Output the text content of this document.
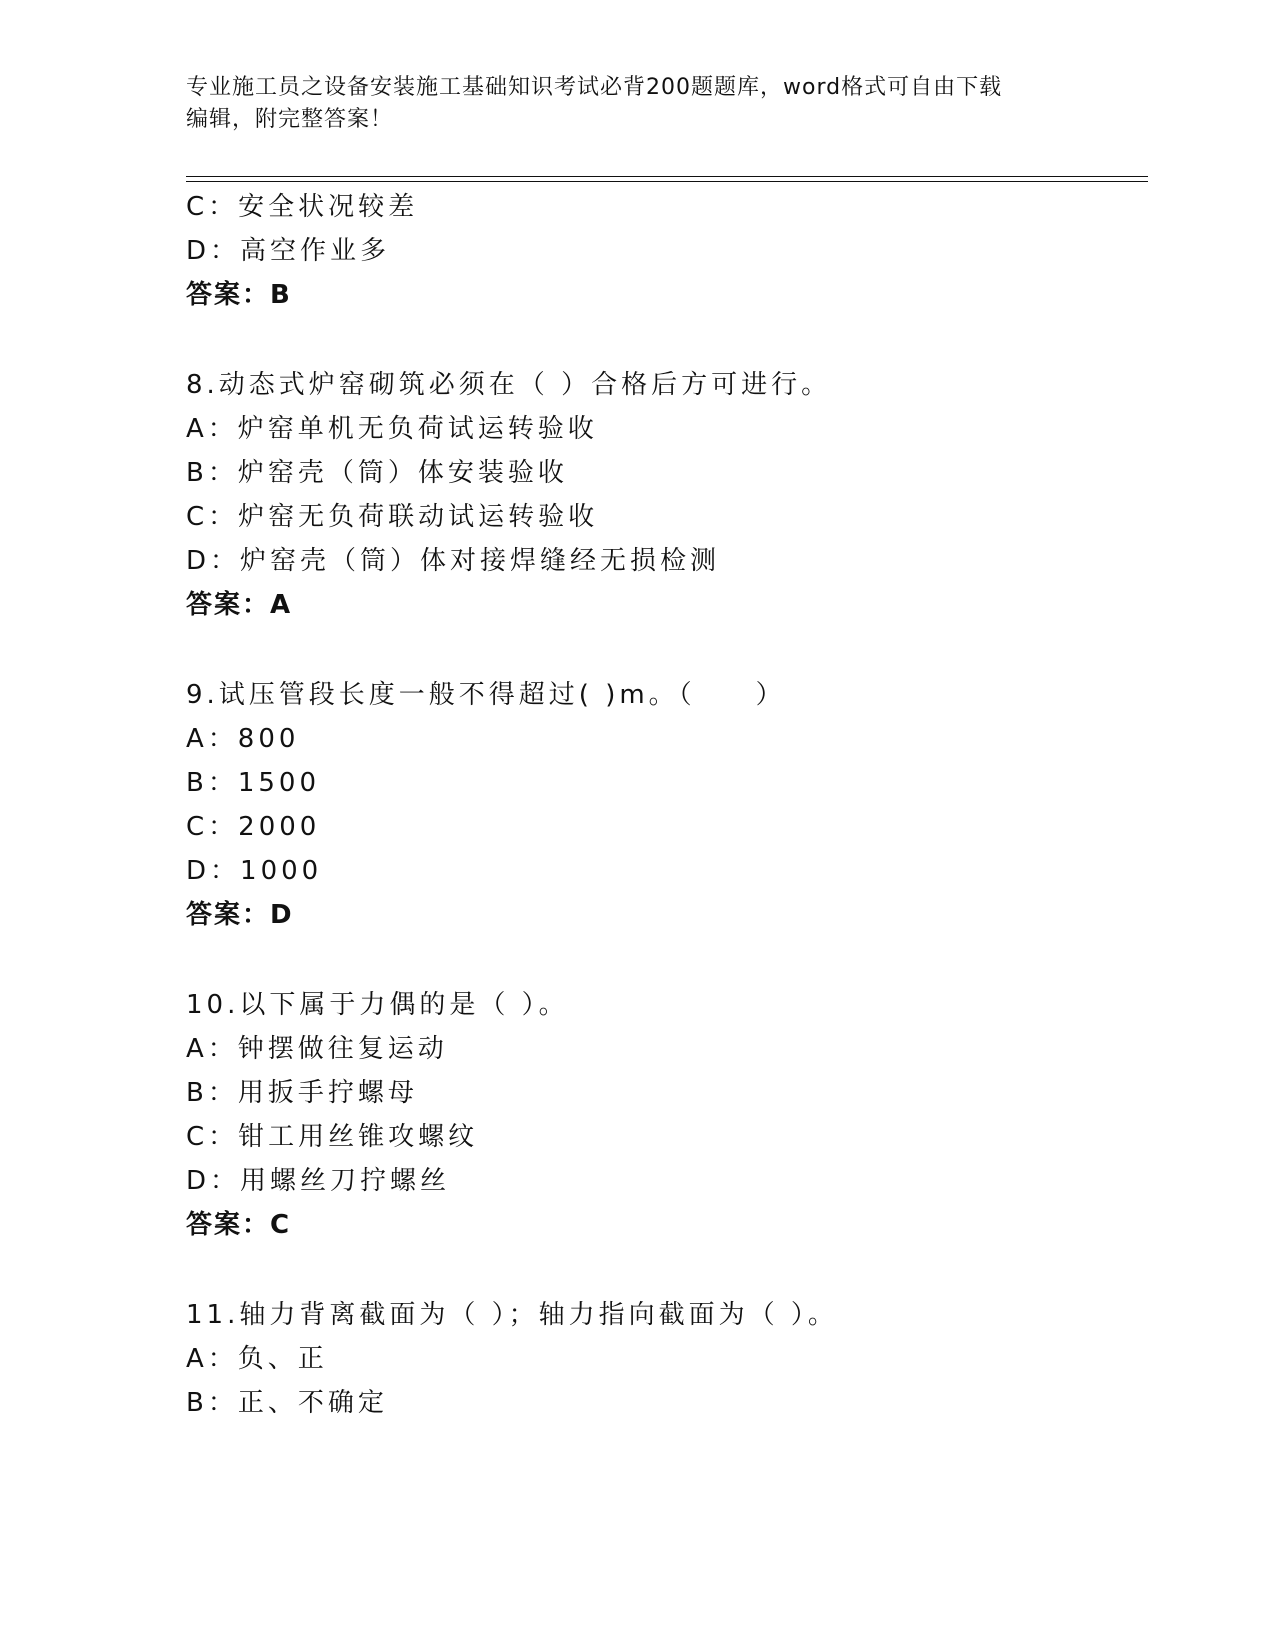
专业施工员之设备安装施工基础知识考试必背200题题库，word格式可自由下载
编辑，附完整答案！
C：安全状况较差
D：高空作业多
答案：B
8.动态式炉窑砌筑必须在（ ）合格后方可进行。
A：炉窑单机无负荷试运转验收
B：炉窑壳（筒）体安装验收
C：炉窑无负荷联动试运转验收
D：炉窑壳（筒）体对接焊缝经无损检测
答案：A
9.试压管段长度一般不得超过( )m。（　　）
A：800
B：1500
C：2000
D：1000
答案：D
10.以下属于力偶的是（ ）。
A：钟摆做往复运动
B：用扳手拧螺母
C：钳工用丝锥攻螺纹
D：用螺丝刀拧螺丝
答案：C
11.轴力背离截面为（ ）；轴力指向截面为（ ）。
A：负、正
B：正、不确定
